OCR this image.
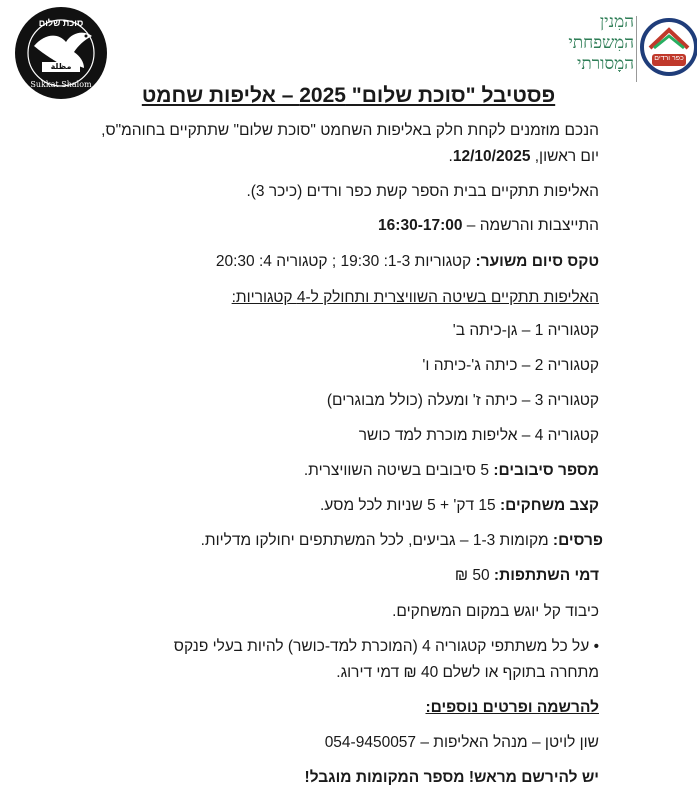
סוכת שלום
مظلة السلام
Sukkat Shalom
המִנין
המִשפחתי
המָסורתי	כפר ורדים
פסטיבל "סוכת שלום" 2025 – אליפות שחמט
הנכם מוזמנים לקחת חלק באליפות השחמט "סוכת שלום" שתתקיים בחוהמ"ס, יום ראשון, 12/10/2025.
האליפות תתקיים בבית הספר קשת כפר ורדים (כיכר 3).
התייצבות והרשמה – 16:30-17:00
טקס סיום משוער: קטגוריות 1-3: 19:30 ; קטגוריה 4: 20:30
האליפות תתקיים בשיטה השוויצרית ותחולק ל-4 קטגוריות:
קטגוריה 1 – גן-כיתה ב'
קטגוריה 2 – כיתה ג'-כיתה ו'
קטגוריה 3 – כיתה ז' ומעלה (כולל מבוגרים)
קטגוריה 4 – אליפות מוכרת למד כושר
מספר סיבובים: 5 סיבובים בשיטה השוויצרית.
קצב משחקים: 15 דק' + 5 שניות לכל מסע.
פרסים: מקומות 1-3 – גביעים, לכל המשתתפים יחולקו מדליות.
דמי השתתפות: 50 ₪
כיבוד קל יוגש במקום המשחקים.
• על כל משתתפי קטגוריה 4 (המוכרת למד-כושר) להיות בעלי פנקס
מתחרה בתוקף או לשלם 40 ₪ דמי דירוג.
להרשמה ופרטים נוספים:
שון לויטן – מנהל האליפות – 054-9450057
יש להירשם מראש! מספר המקומות מוגבל!
